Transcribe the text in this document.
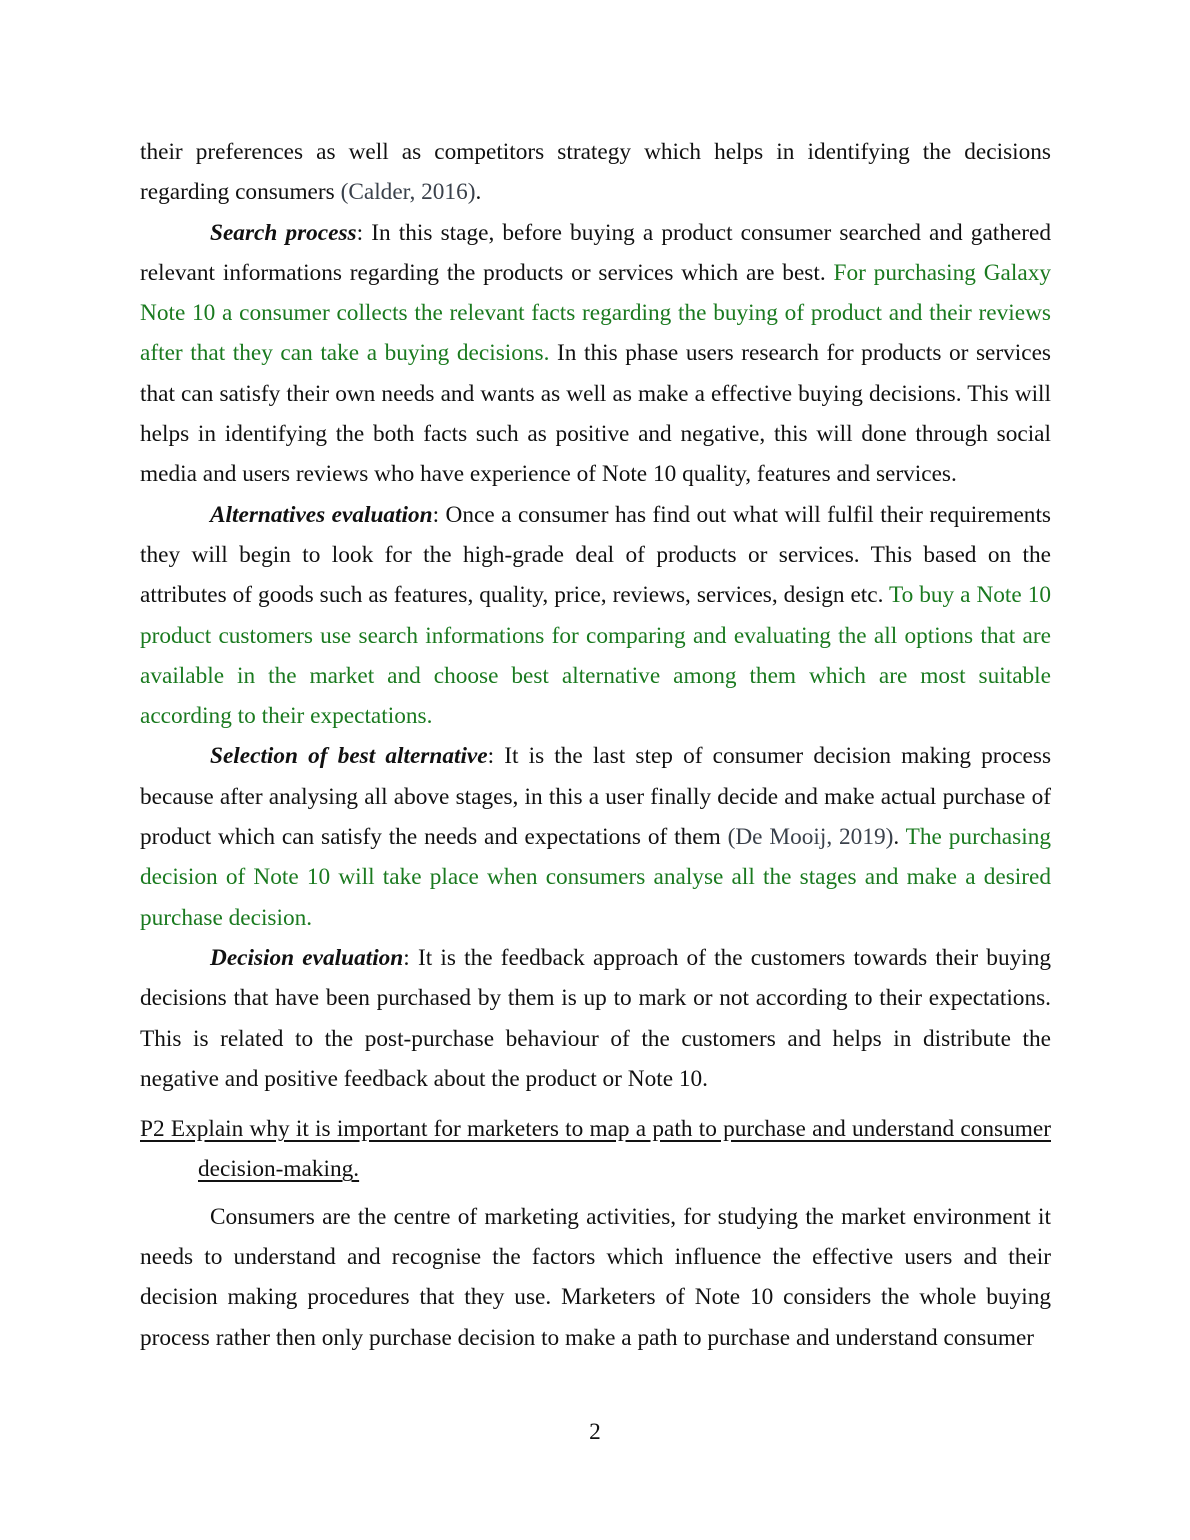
their preferences as well as competitors strategy which helps in identifying the decisions regarding consumers (Calder, 2016).

Search process: In this stage, before buying a product consumer searched and gathered relevant informations regarding the products or services which are best. For purchasing Galaxy Note 10 a consumer collects the relevant facts regarding the buying of product and their reviews after that they can take a buying decisions. In this phase users research for products or services that can satisfy their own needs and wants as well as make a effective buying decisions. This will helps in identifying the both facts such as positive and negative, this will done through social media and users reviews who have experience of Note 10 quality, features and services.

Alternatives evaluation: Once a consumer has find out what will fulfil their requirements they will begin to look for the high-grade deal of products or services. This based on the attributes of goods such as features, quality, price, reviews, services, design etc. To buy a Note 10 product customers use search informations for comparing and evaluating the all options that are available in the market and choose best alternative among them which are most suitable according to their expectations.

Selection of best alternative: It is the last step of consumer decision making process because after analysing all above stages, in this a user finally decide and make actual purchase of product which can satisfy the needs and expectations of them (De Mooij, 2019). The purchasing decision of Note 10 will take place when consumers analyse all the stages and make a desired purchase decision.

Decision evaluation: It is the feedback approach of the customers towards their buying decisions that have been purchased by them is up to mark or not according to their expectations. This is related to the post-purchase behaviour of the customers and helps in distribute the negative and positive feedback about the product or Note 10.

P2 Explain why it is important for marketers to map a path to purchase and understand consumer decision-making.

Consumers are the centre of marketing activities, for studying the market environment it needs to understand and recognise the factors which influence the effective users and their decision making procedures that they use. Marketers of Note 10 considers the whole buying process rather then only purchase decision to make a path to purchase and understand consumer

2
